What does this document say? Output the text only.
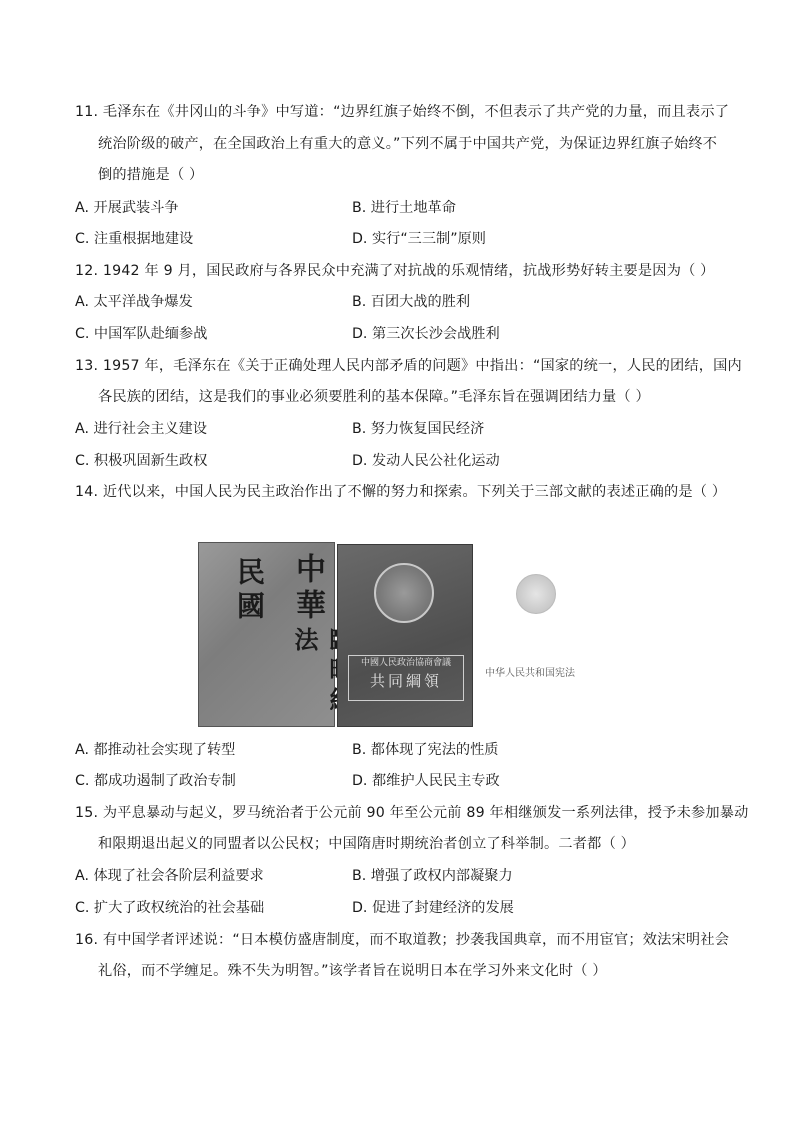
11. 毛泽东在《井冈山的斗争》中写道：“边界红旗子始终不倒，不但表示了共产党的力量，而且表示了
统治阶级的破产，在全国政治上有重大的意义。”下列不属于中国共产党，为保证边界红旗子始终不
倒的措施是（ ）
A. 开展武装斗争	B. 进行土地革命
C. 注重根据地建设	D. 实行“三三制”原则
12. 1942 年 9 月，国民政府与各界民众中充满了对抗战的乐观情绪，抗战形势好转主要是因为（ ）
A. 太平洋战争爆发	B. 百团大战的胜利
C. 中国军队赴缅参战	D. 第三次长沙会战胜利
13. 1957 年，毛泽东在《关于正确处理人民内部矛盾的问题》中指出：“国家的统一，人民的团结，国内
各民族的团结，这是我们的事业必须要胜利的基本保障。”毛泽东旨在强调团结力量（ ）
A. 进行社会主义建设	B. 努力恢复国民经济
C. 积极巩固新生政权	D. 发动人民公社化运动
14. 近代以来，中国人民为民主政治作出了不懈的努力和探索。下列关于三部文献的表述正确的是（ ）
中華
法
民國
中國人民政治協商會議
共同綱領	中华人民共和国宪法
A. 都推动社会实现了转型	B. 都体现了宪法的性质
C. 都成功遏制了政治专制	D. 都维护人民民主专政
15. 为平息暴动与起义，罗马统治者于公元前 90 年至公元前 89 年相继颁发一系列法律，授予未参加暴动
和限期退出起义的同盟者以公民权；中国隋唐时期统治者创立了科举制。二者都（ ）
A. 体现了社会各阶层利益要求	B. 增强了政权内部凝聚力
C. 扩大了政权统治的社会基础	D. 促进了封建经济的发展
16. 有中国学者评述说：“日本模仿盛唐制度，而不取道教；抄袭我国典章，而不用宦官；效法宋明社会
礼俗，而不学缠足。殊不失为明智。”该学者旨在说明日本在学习外来文化时（ ）
